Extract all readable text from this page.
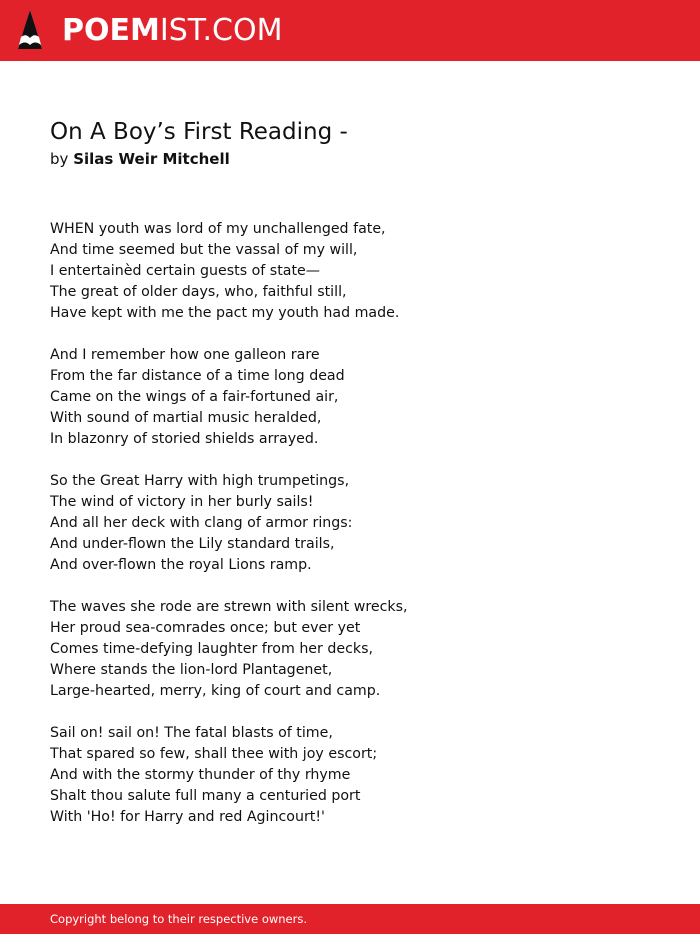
POEMIST.COM
On A Boy’s First Reading -
by Silas Weir Mitchell
WHEN youth was lord of my unchallenged fate,
And time seemed but the vassal of my will,
I entertainèd certain guests of state—
The great of older days, who, faithful still,
Have kept with me the pact my youth had made.
And I remember how one galleon rare
From the far distance of a time long dead
Came on the wings of a fair-fortuned air,
With sound of martial music heralded,
In blazonry of storied shields arrayed.
So the Great Harry with high trumpetings,
The wind of victory in her burly sails!
And all her deck with clang of armor rings:
And under-flown the Lily standard trails,
And over-flown the royal Lions ramp.
The waves she rode are strewn with silent wrecks,
Her proud sea-comrades once; but ever yet
Comes time-defying laughter from her decks,
Where stands the lion-lord Plantagenet,
Large-hearted, merry, king of court and camp.
Sail on! sail on! The fatal blasts of time,
That spared so few, shall thee with joy escort;
And with the stormy thunder of thy rhyme
Shalt thou salute full many a centuried port
With 'Ho! for Harry and red Agincourt!'
Copyright belong to their respective owners.
